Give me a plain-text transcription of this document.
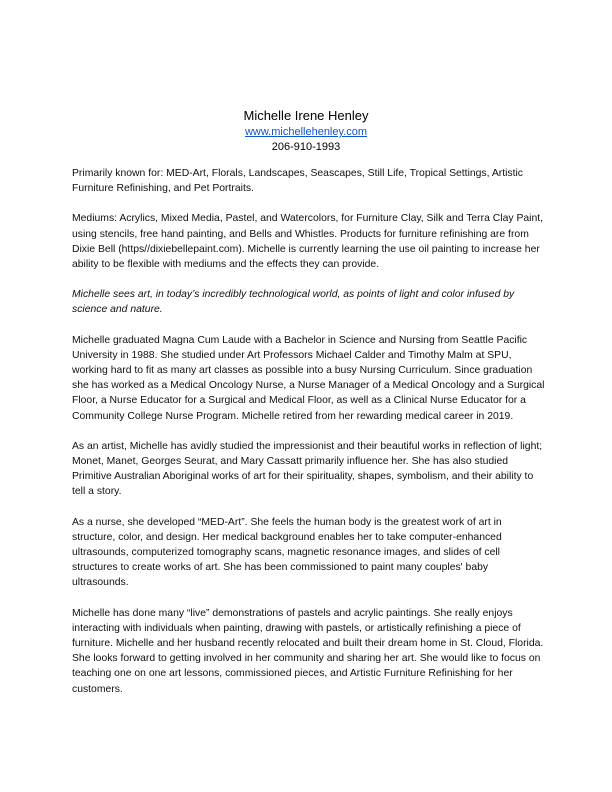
Michelle Irene Henley
www.michellehenley.com
206-910-1993

Primarily known for: MED-Art, Florals, Landscapes, Seascapes, Still Life, Tropical Settings, Artistic Furniture Refinishing, and Pet Portraits.

Mediums: Acrylics, Mixed Media, Pastel, and Watercolors, for Furniture Clay, Silk and Terra Clay Paint, using stencils, free hand painting, and Bells and Whistles. Products for furniture refinishing are from Dixie Bell (https//dixiebellepaint.com). Michelle is currently learning the use oil painting to increase her ability to be flexible with mediums and the effects they can provide.

Michelle sees art, in today’s incredibly technological world, as points of light and color infused by science and nature.

Michelle graduated Magna Cum Laude with a Bachelor in Science and Nursing from Seattle Pacific University in 1988. She studied under Art Professors Michael Calder and Timothy Malm at SPU, working hard to fit as many art classes as possible into a busy Nursing Curriculum. Since graduation she has worked as a Medical Oncology Nurse, a Nurse Manager of a Medical Oncology and a Surgical Floor, a Nurse Educator for a Surgical and Medical Floor, as well as a Clinical Nurse Educator for a Community College Nurse Program. Michelle retired from her rewarding medical career in 2019.

As an artist, Michelle has avidly studied the impressionist and their beautiful works in reflection of light; Monet, Manet, Georges Seurat, and Mary Cassatt primarily influence her. She has also studied Primitive Australian Aboriginal works of art for their spirituality, shapes, symbolism, and their ability to tell a story.

As a nurse, she developed “MED-Art”. She feels the human body is the greatest work of art in structure, color, and design. Her medical background enables her to take computer-enhanced ultrasounds, computerized tomography scans, magnetic resonance images, and slides of cell structures to create works of art. She has been commissioned to paint many couples' baby ultrasounds.

Michelle has done many “live” demonstrations of pastels and acrylic paintings. She really enjoys interacting with individuals when painting, drawing with pastels, or artistically refinishing a piece of furniture. Michelle and her husband recently relocated and built their dream home in St. Cloud, Florida. She looks forward to getting involved in her community and sharing her art. She would like to focus on teaching one on one art lessons, commissioned pieces, and Artistic Furniture Refinishing for her customers.
